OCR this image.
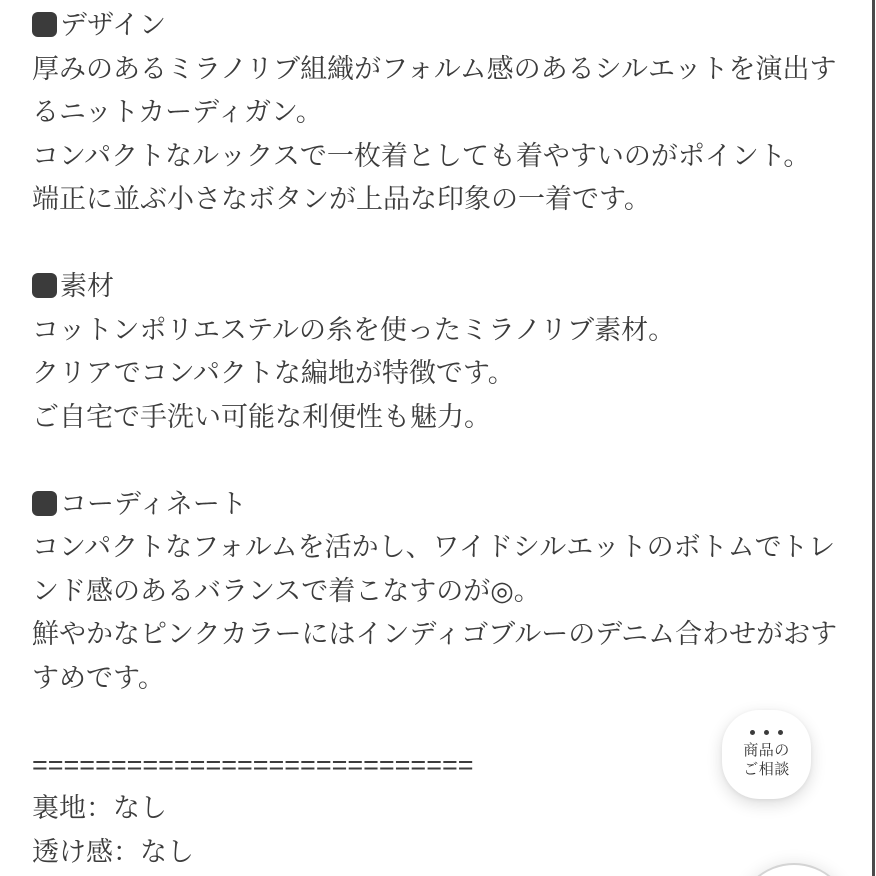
デザイン

厚みのあるミラノリブ組織がフォルム感のあるシルエットを演出するニットカーディガン。

コンパクトなルックスで一枚着としても着やすいのがポイント。

端正に並ぶ小さなボタンが上品な印象の一着です。

素材

コットンポリエステルの糸を使ったミラノリブ素材。

クリアでコンパクトな編地が特徴です。

ご自宅で手洗い可能な利便性も魅力。

コーディネート

コンパクトなフォルムを活かし、ワイドシルエットのボトムでトレンド感のあるバランスで着こなすのが◎。

鮮やかなピンクカラーにはインディゴブルーのデニム合わせがおすすめです。

============================

裏地：なし

透け感：なし

商品の
ご相談
